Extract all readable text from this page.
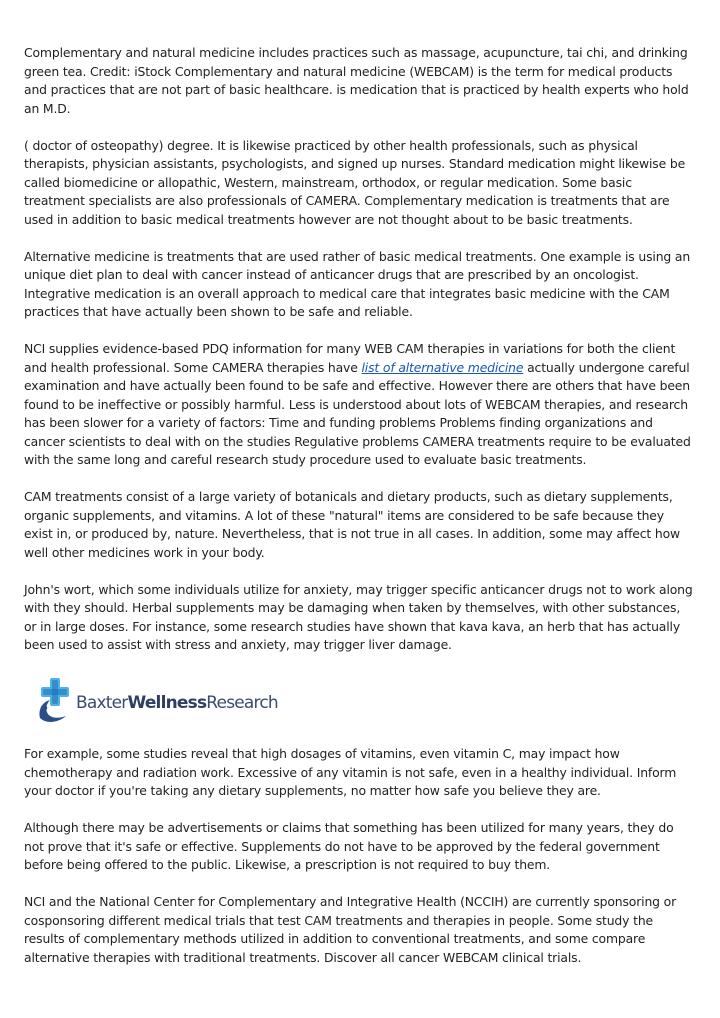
Complementary and natural medicine includes practices such as massage, acupuncture, tai chi, and drinking green tea. Credit: iStock Complementary and natural medicine (WEBCAM) is the term for medical products and practices that are not part of basic healthcare. is medication that is practiced by health experts who hold an M.D.

( doctor of osteopathy) degree. It is likewise practiced by other health professionals, such as physical therapists, physician assistants, psychologists, and signed up nurses. Standard medication might likewise be called biomedicine or allopathic, Western, mainstream, orthodox, or regular medication. Some basic treatment specialists are also professionals of CAMERA. Complementary medication is treatments that are used in addition to basic medical treatments however are not thought about to be basic treatments.

Alternative medicine is treatments that are used rather of basic medical treatments. One example is using an unique diet plan to deal with cancer instead of anticancer drugs that are prescribed by an oncologist. Integrative medication is an overall approach to medical care that integrates basic medicine with the CAM practices that have actually been shown to be safe and reliable.

NCI supplies evidence-based PDQ information for many WEB CAM therapies in variations for both the client and health professional. Some CAMERA therapies have list of alternative medicine actually undergone careful examination and have actually been found to be safe and effective. However there are others that have been found to be ineffective or possibly harmful. Less is understood about lots of WEBCAM therapies, and research has been slower for a variety of factors: Time and funding problems Problems finding organizations and cancer scientists to deal with on the studies Regulative problems CAMERA treatments require to be evaluated with the same long and careful research study procedure used to evaluate basic treatments.

CAM treatments consist of a large variety of botanicals and dietary products, such as dietary supplements, organic supplements, and vitamins. A lot of these "natural" items are considered to be safe because they exist in, or produced by, nature. Nevertheless, that is not true in all cases. In addition, some may affect how well other medicines work in your body.

John's wort, which some individuals utilize for anxiety, may trigger specific anticancer drugs not to work along with they should. Herbal supplements may be damaging when taken by themselves, with other substances, or in large doses. For instance, some research studies have shown that kava kava, an herb that has actually been used to assist with stress and anxiety, may trigger liver damage.

BaxterWellnessResearch

For example, some studies reveal that high dosages of vitamins, even vitamin C, may impact how chemotherapy and radiation work. Excessive of any vitamin is not safe, even in a healthy individual. Inform your doctor if you're taking any dietary supplements, no matter how safe you believe they are.

Although there may be advertisements or claims that something has been utilized for many years, they do not prove that it's safe or effective. Supplements do not have to be approved by the federal government before being offered to the public. Likewise, a prescription is not required to buy them.

NCI and the National Center for Complementary and Integrative Health (NCCIH) are currently sponsoring or cosponsoring different medical trials that test CAM treatments and therapies in people. Some study the results of complementary methods utilized in addition to conventional treatments, and some compare alternative therapies with traditional treatments. Discover all cancer WEBCAM clinical trials.
